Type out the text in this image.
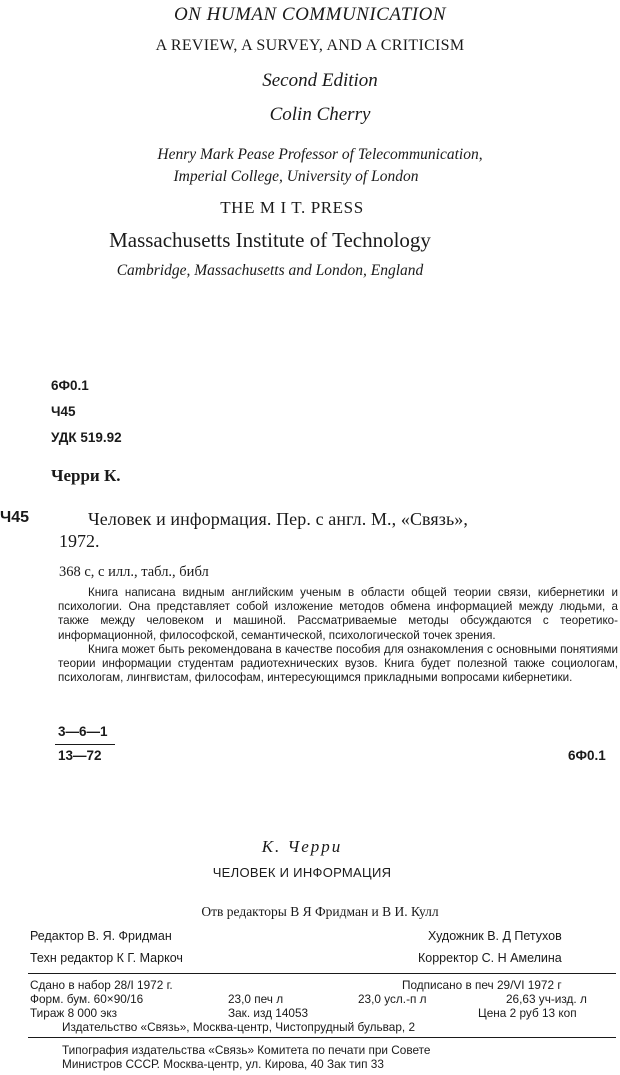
ON HUMAN COMMUNICATION
A REVIEW, A SURVEY, AND A CRITICISM
Second Edition
Colin Cherry
Henry Mark Pease Professor of Telecommunication,
Imperial College, University of London
THE M I T. PRESS
Massachusetts Institute of Technology
Cambridge, Massachusetts and London, England
6Ф0.1
Ч45
УДК 519.92
Черри К.
Ч45	Человек и информация. Пер. с англ. М., «Связь»,
1972.
368 с, с илл., табл., библ

Книга написана видным английским ученым в области общей теории связи, кибернетики и психологии. Она представляет собой изложение методов обмена информацией между людьми, а также между человеком и машиной. Рассматриваемые методы обсуждаются с теоретико-информационной, философской, семантической, психологической точек зрения.

Книга может быть рекомендована в качестве пособия для ознакомления с основными понятиями теории информации студентам радиотехнических вузов. Книга будет полезной также социологам, психологам, лингвистам, философам, интересующимся прикладными вопросами кибернетики.

3—6—1
13—72	6Ф0.1
К. Черри
ЧЕЛОВЕК И ИНФОРМАЦИЯ
Отв редакторы В Я Фридман и В И. Кулл
Редактор В. Я. Фридман	Художник В. Д Петухов
Техн редактор К Г. Маркоч	Корректор С. Н Амелина
Сдано в набор 28/I 1972 г.	Подписано в печ 29/VI 1972 г
Форм. бум. 60×90/16	23,0 печ л	23,0 усл.-п л	26,63 уч-изд. л
Тираж 8 000 экз	Зак. изд 14053	Цена 2 руб 13 коп
Издательство «Связь», Москва-центр, Чистопрудный бульвар, 2
Типография издательства «Связь» Комитета по печати при Совете
Министров СССР. Москва-центр, ул. Кирова, 40 Зак тип 33
